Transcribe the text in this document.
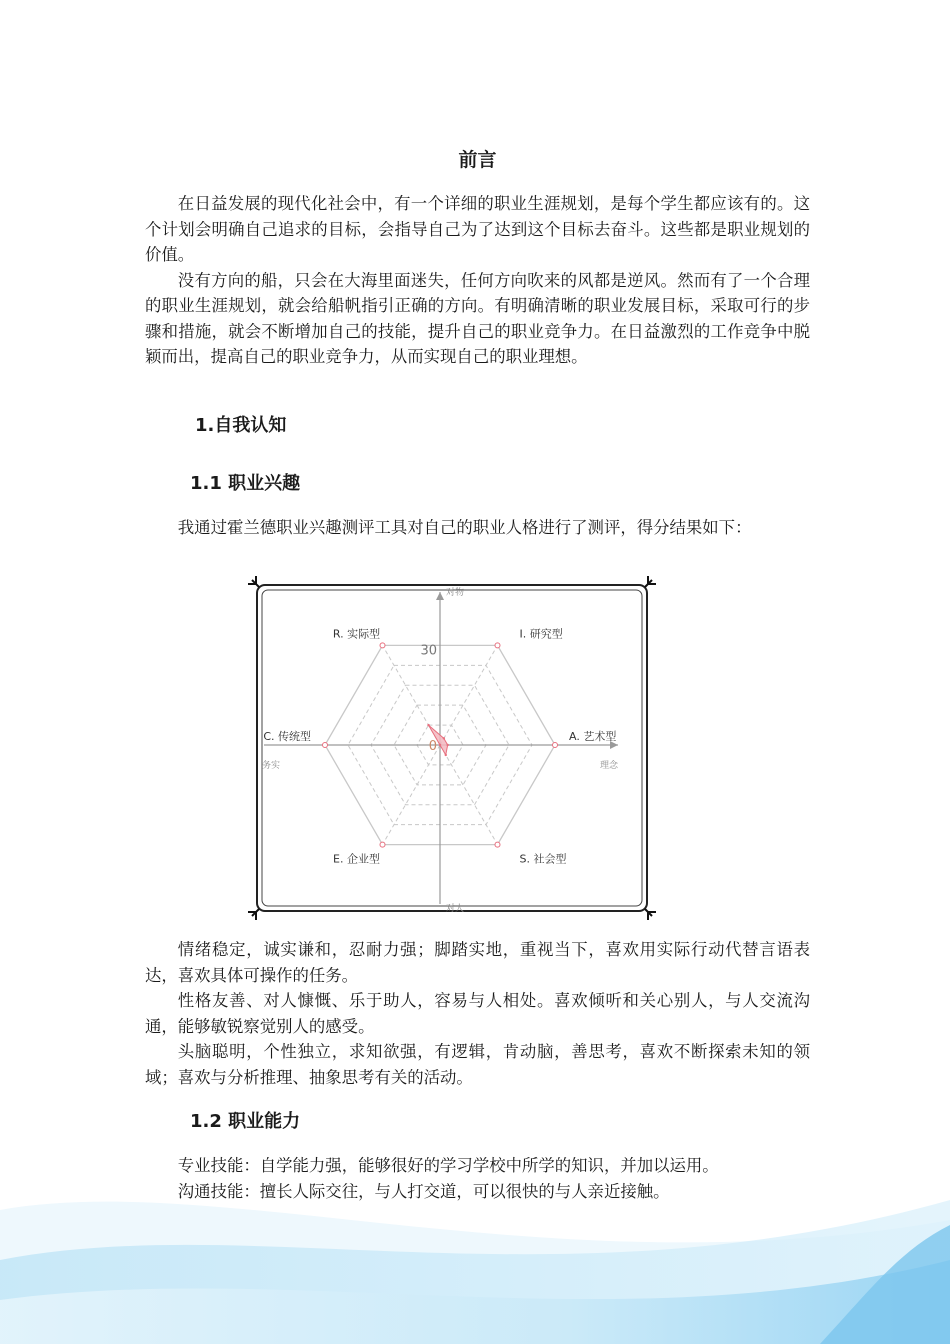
前言

在日益发展的现代化社会中，有一个详细的职业生涯规划，是每个学生都应该有的。这个计划会明确自己追求的目标，会指导自己为了达到这个目标去奋斗。这些都是职业规划的价值。

没有方向的船，只会在大海里面迷失，任何方向吹来的风都是逆风。然而有了一个合理的职业生涯规划，就会给船帆指引正确的方向。有明确清晰的职业发展目标，采取可行的步骤和措施，就会不断增加自己的技能，提升自己的职业竞争力。在日益激烈的工作竞争中脱颖而出，提高自己的职业竞争力，从而实现自己的职业理想。

1.自我认知
1.1 职业兴趣

我通过霍兰德职业兴趣测评工具对自己的职业人格进行了测评，得分结果如下：

情绪稳定，诚实谦和，忍耐力强；脚踏实地，重视当下，喜欢用实际行动代替言语表达，喜欢具体可操作的任务。

性格友善、对人慷慨、乐于助人，容易与人相处。喜欢倾听和关心别人，与人交流沟通，能够敏锐察觉别人的感受。

头脑聪明，个性独立，求知欲强，有逻辑，肯动脑，善思考，喜欢不断探索未知的领域；喜欢与分析推理、抽象思考有关的活动。

1.2 职业能力

专业技能：自学能力强，能够很好的学习学校中所学的知识，并加以运用。

沟通技能：擅长人际交往，与人打交道，可以很快的与人亲近接触。

对物
对人
务实	理念
30
0
R. 实际型	I. 研究型
A. 艺术型
S. 社会型
E. 企业型
C. 传统型
